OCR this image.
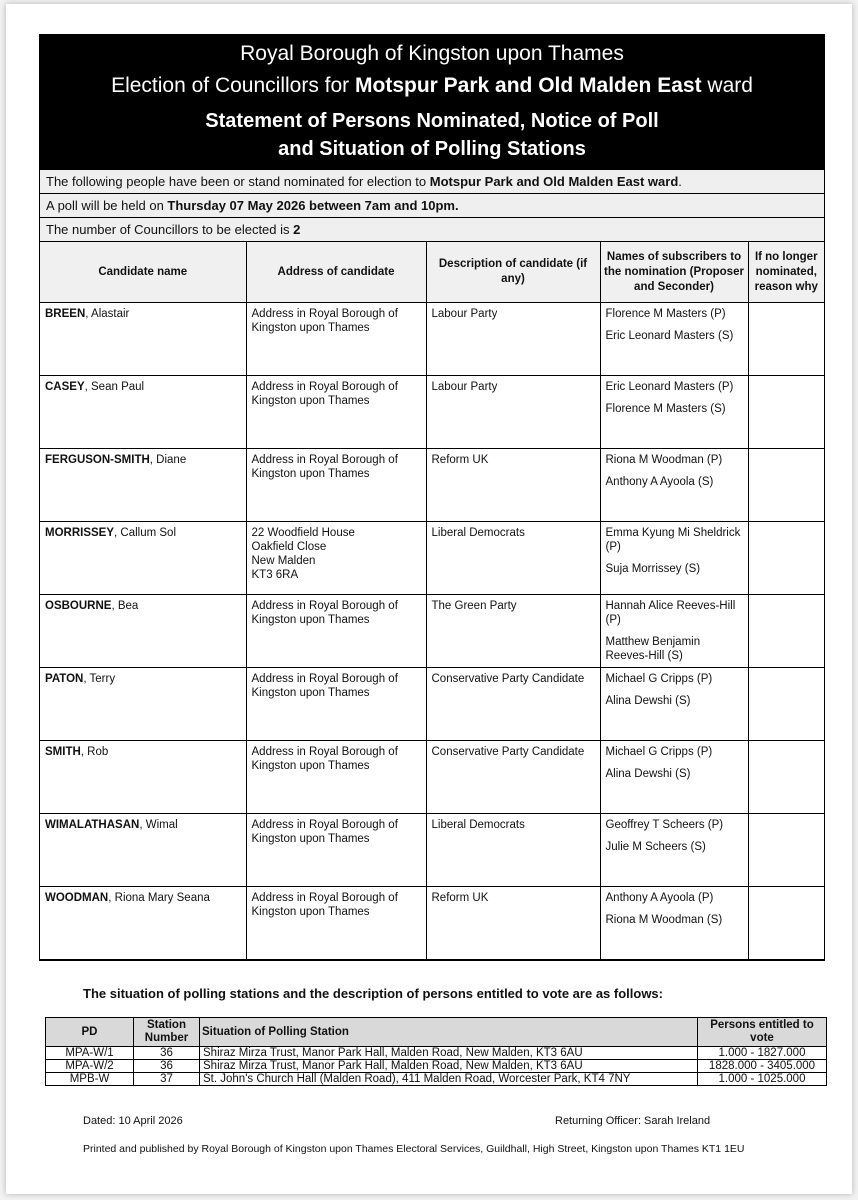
Royal Borough of Kingston upon Thames
Election of Councillors for Motspur Park and Old Malden East ward
Statement of Persons Nominated, Notice of Poll
and Situation of Polling Stations
The following people have been or stand nominated for election to Motspur Park and Old Malden East ward.
A poll will be held on Thursday 07 May 2026 between 7am and 10pm.
The number of Councillors to be elected is 2
Candidate name	Address of candidate	Description of candidate (if any)	Names of subscribers to the nomination (Proposer and Seconder)	If no longer nominated, reason why
BREEN, Alastair	Address in Royal Borough of Kingston upon Thames	Labour Party	Florence M Masters (P)
Eric Leonard Masters (S)	

CASEY, Sean Paul	Address in Royal Borough of Kingston upon Thames	Labour Party	Eric Leonard Masters (P)
Florence M Masters (S)	

FERGUSON-SMITH, Diane	Address in Royal Borough of Kingston upon Thames	Reform UK	Riona M Woodman (P)
Anthony A Ayoola (S)	

MORRISSEY, Callum Sol	22 Woodfield House
Oakfield Close
New Malden
KT3 6RA	Liberal Democrats	Emma Kyung Mi Sheldrick (P)
Suja Morrissey (S)	

OSBOURNE, Bea	Address in Royal Borough of Kingston upon Thames	The Green Party	Hannah Alice Reeves-Hill (P)
Matthew Benjamin Reeves-Hill (S)	

PATON, Terry	Address in Royal Borough of Kingston upon Thames	Conservative Party Candidate	Michael G Cripps (P)
Alina Dewshi (S)	

SMITH, Rob	Address in Royal Borough of Kingston upon Thames	Conservative Party Candidate	Michael G Cripps (P)
Alina Dewshi (S)	

WIMALATHASAN, Wimal	Address in Royal Borough of Kingston upon Thames	Liberal Democrats	Geoffrey T Scheers (P)
Julie M Scheers (S)	

WOODMAN, Riona Mary Seana	Address in Royal Borough of Kingston upon Thames	Reform UK	Anthony A Ayoola (P)
Riona M Woodman (S)	

The situation of polling stations and the description of persons entitled to vote are as follows:
PD	Station Number	Situation of Polling Station	Persons entitled to vote
MPA-W/1	36	Shiraz Mirza Trust, Manor Park Hall, Malden Road, New Malden, KT3 6AU	1.000 - 1827.000
MPA-W/2	36	Shiraz Mirza Trust, Manor Park Hall, Malden Road, New Malden, KT3 6AU	1828.000 - 3405.000
MPB-W	37	St. John's Church Hall (Malden Road), 411 Malden Road, Worcester Park, KT4 7NY	1.000 - 1025.000
Dated: 10 April 2026	Returning Officer: Sarah Ireland
Printed and published by Royal Borough of Kingston upon Thames Electoral Services, Guildhall, High Street, Kingston upon Thames KT1 1EU
